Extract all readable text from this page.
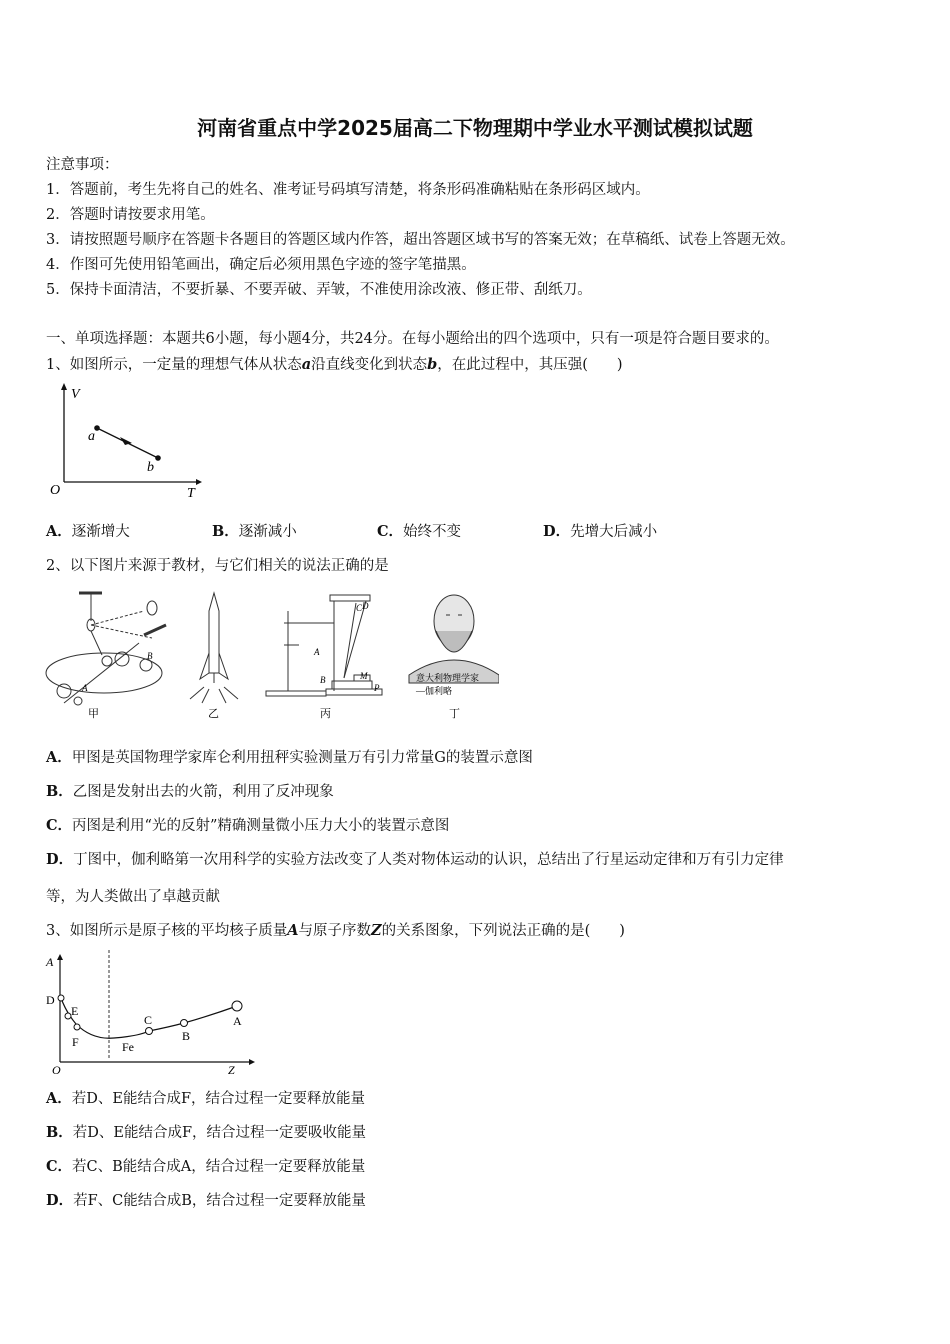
河南省重点中学2025届高二下物理期中学业水平测试模拟试题
注意事项：
1．答题前，考生先将自己的姓名、准考证号码填写清楚，将条形码准确粘贴在条形码区域内。
2．答题时请按要求用笔。
3．请按照题号顺序在答题卡各题目的答题区域内作答，超出答题区域书写的答案无效；在草稿纸、试卷上答题无效。
4．作图可先使用铅笔画出，确定后必须用黑色字迹的签字笔描黑。
5．保持卡面清洁，不要折暴、不要弄破、弄皱，不准使用涂改液、修正带、刮纸刀。
一、单项选择题：本题共6小题，每小题4分，共24分。在每小题给出的四个选项中，只有一项是符合题目要求的。
1、如图所示，一定量的理想气体从状态a沿直线变化到状态b，在此过程中，其压强(　　)
V
T
O
a
b
A．逐渐增大	B．逐渐减小	C．始终不变	D．先增大后减小
2、以下图片来源于教材，与它们相关的说法正确的是
A
B
甲	乙
C D
A
B	M
P
丙
意大利物理学家
—伽利略
丁
A．甲图是英国物理学家库仑利用扭秤实验测量万有引力常量G的装置示意图
B．乙图是发射出去的火箭，利用了反冲现象
C．丙图是利用“光的反射”精确测量微小压力大小的装置示意图
D．丁图中，伽利略第一次用科学的实验方法改变了人类对物体运动的认识，总结出了行星运动定律和万有引力定律
等，为人类做出了卓越贡献
3、如图所示是原子核的平均核子质量A与原子序数Z的关系图象，下列说法正确的是(　　)
A
Z
O
D
E
F	Fe
C
B
A
A．若D、E能结合成F，结合过程一定要释放能量
B．若D、E能结合成F，结合过程一定要吸收能量
C．若C、B能结合成A，结合过程一定要释放能量
D．若F、C能结合成B，结合过程一定要释放能量
